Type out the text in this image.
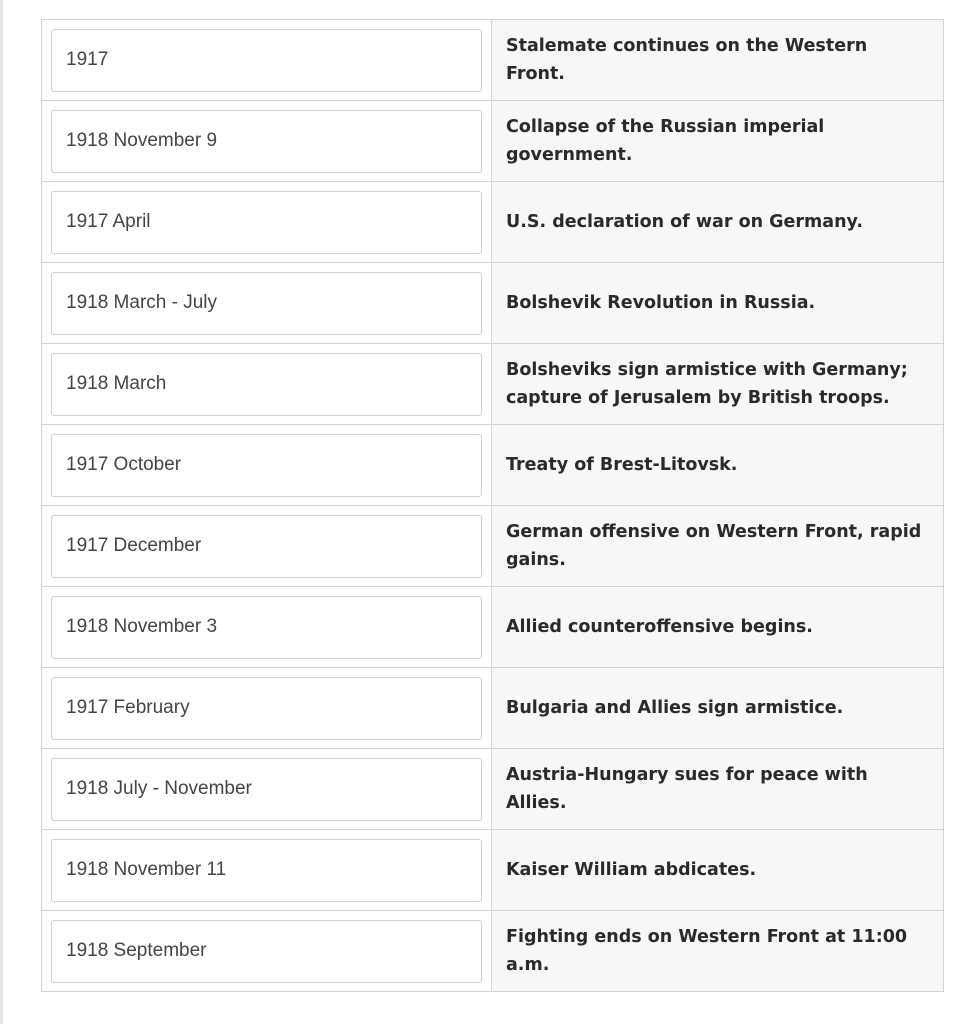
1917	Stalemate continues on the Western Front.

1918 November 9	Collapse of the Russian imperial government.

1917 April	U.S. declaration of war on Germany.

1918 March - July	Bolshevik Revolution in Russia.

1918 March	Bolsheviks sign armistice with Germany; capture of Jerusalem by British troops.

1917 October	Treaty of Brest-Litovsk.

1917 December	German offensive on Western Front, rapid gains.

1918 November 3	Allied counteroffensive begins.

1917 February	Bulgaria and Allies sign armistice.

1918 July - November	Austria-Hungary sues for peace with Allies.

1918 November 11	Kaiser William abdicates.

1918 September	Fighting ends on Western Front at 11:00 a.m.
